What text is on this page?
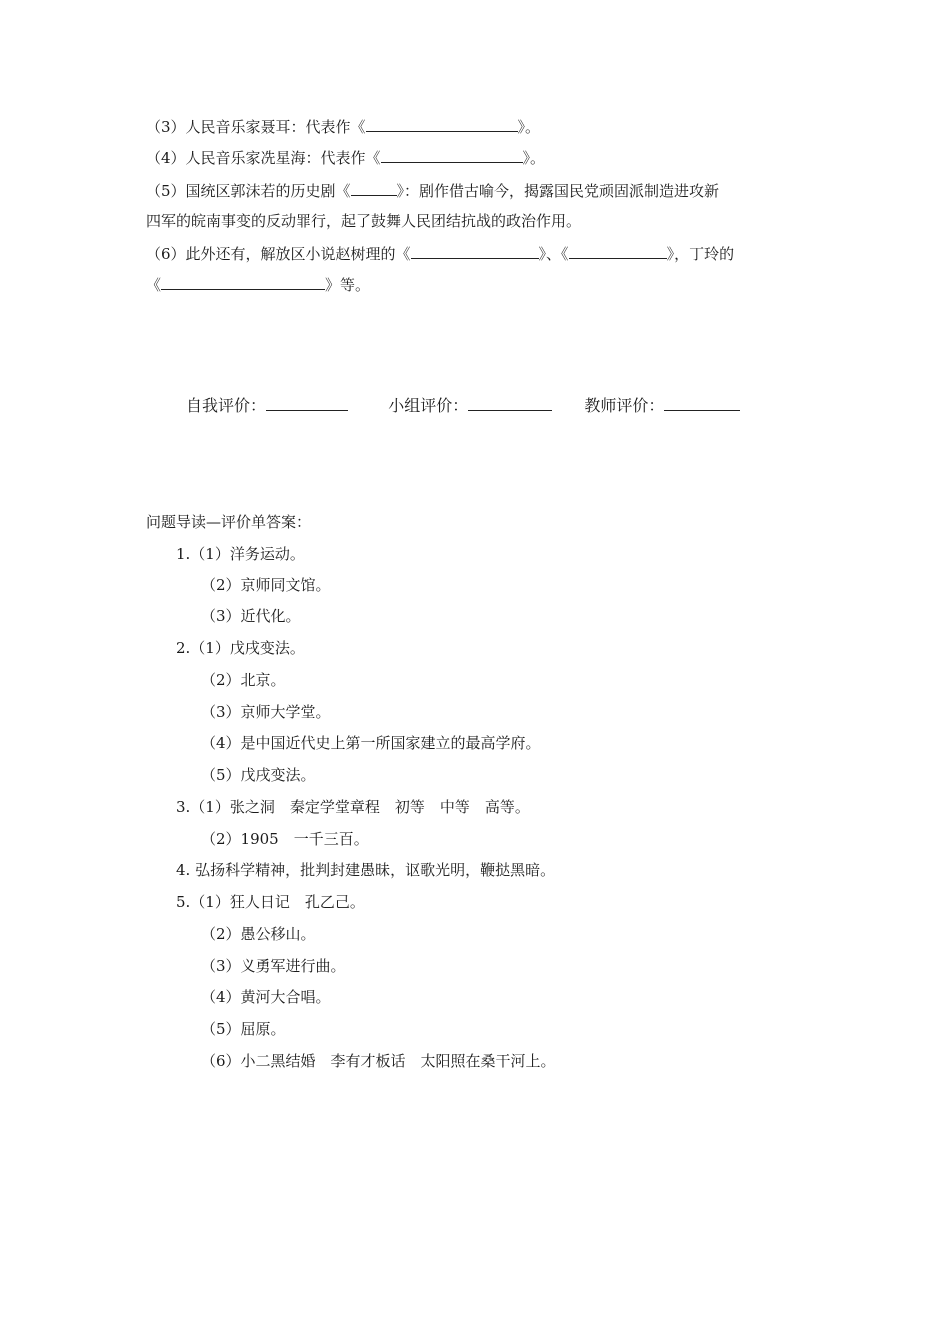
（3）人民音乐家聂耳：代表作《	》。
（4）人民音乐家冼星海：代表作《	》。
（5）国统区郭沫若的历史剧《	》：剧作借古喻今，揭露国民党顽固派制造进攻新
四军的皖南事变的反动罪行，起了鼓舞人民团结抗战的政治作用。
（6）此外还有，解放区小说赵树理的《	》、《	》，丁玲的
《	》等。
自我评价：	小组评价：	教师评价：
问题导读—评价单答案：
1.（1）洋务运动。
（2）京师同文馆。
（3）近代化。
2.（1）戊戌变法。
（2）北京。
（3）京师大学堂。
（4）是中国近代史上第一所国家建立的最高学府。
（5）戊戌变法。
3.（1）张之洞　秦定学堂章程　初等　中等　高等。
（2）1905　一千三百。
4. 弘扬科学精神，批判封建愚昧，讴歌光明，鞭挞黑暗。
5.（1）狂人日记　孔乙己。
（2）愚公移山。
（3）义勇军进行曲。
（4）黄河大合唱。
（5）屈原。
（6）小二黑结婚　李有才板话　太阳照在桑干河上。
